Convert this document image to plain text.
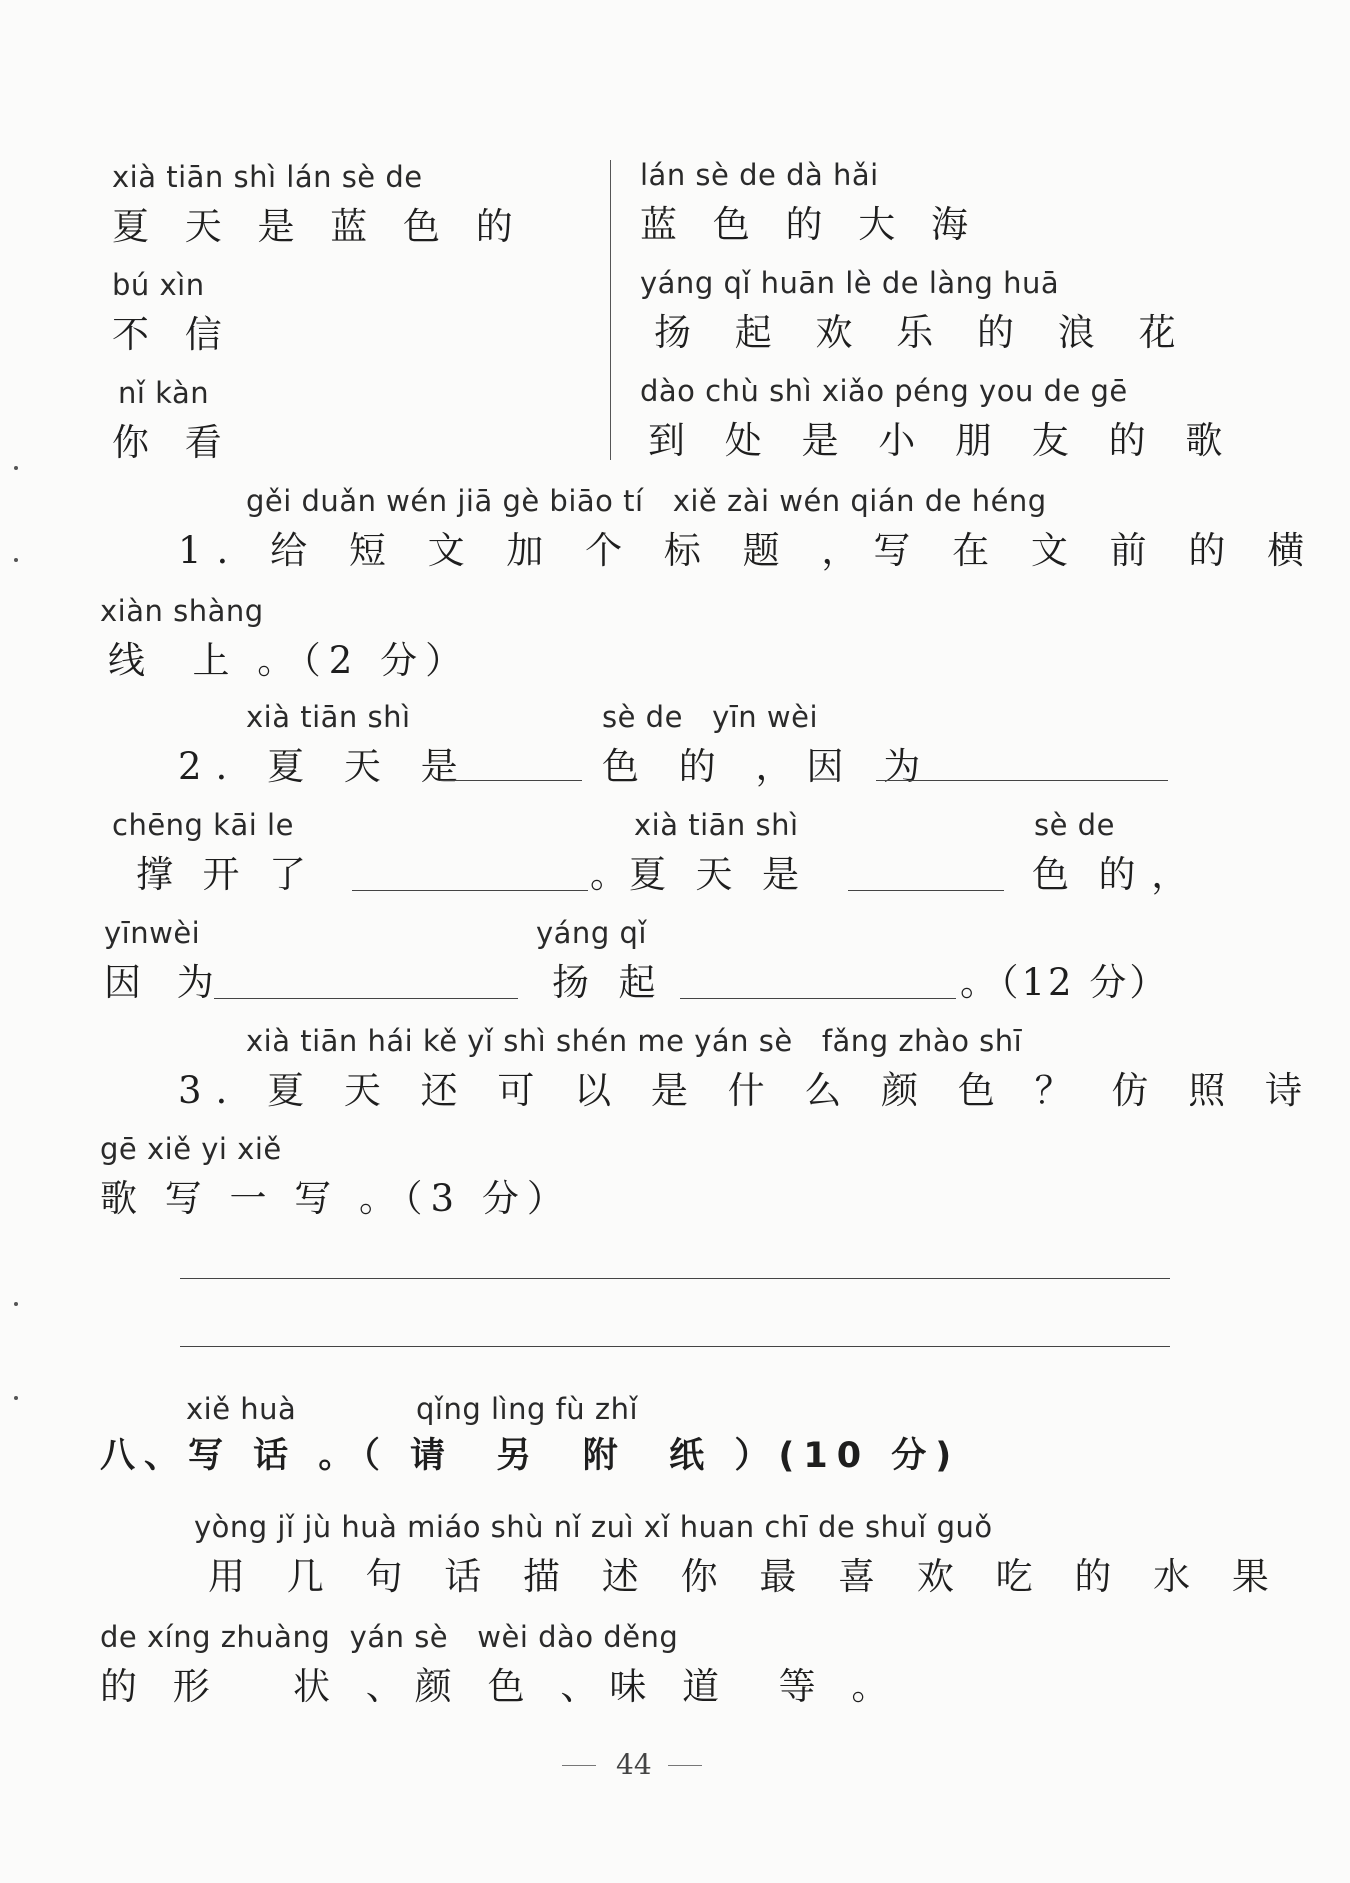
xià tiān shì lán sè de
夏 天 是 蓝 色 的
bú xìn
不 信
nǐ kàn
你 看
lán sè de dà hǎi
蓝 色 的 大 海
yáng qǐ huān lè de làng huā
扬 起 欢 乐 的 浪 花
dào chù shì xiǎo péng you de gē
到 处 是 小 朋 友 的 歌
gěi duǎn wén jiā gè biāo tí   xiě zài wén qián de héng
1. 给 短 文 加 个 标 题 ，写 在 文 前 的 横
xiàn shàng
线  上 。（2 分）
xià tiān shì	sè de   yīn wèi
2. 夏 天 是	色 的 ，因 为
chēng kāi le	xià tiān shì	sè de
撑  开  了	。夏  天  是	色  的 ，
yīnwèi	yáng qǐ
因 为	扬  起	。（12 分）
xià tiān hái kě yǐ shì shén me yán sè   fǎng zhào shī
3. 夏 天 还 可 以 是 什 么 颜 色 ？ 仿 照 诗
gē xiě yi xiě
歌 写 一 写 。（3 分）
xiě huà	qǐng lìng fù zhǐ
八、写 话 。（ 请  另  附  纸 ）(10 分)
yòng jǐ jù huà miáo shù nǐ zuì xǐ huan chī de shuǐ guǒ
用 几 句 话 描 述 你 最 喜 欢 吃 的 水 果
de xíng zhuàng  yán sè   wèi dào děng
的 形   状 、颜 色 、味 道  等 。
44
